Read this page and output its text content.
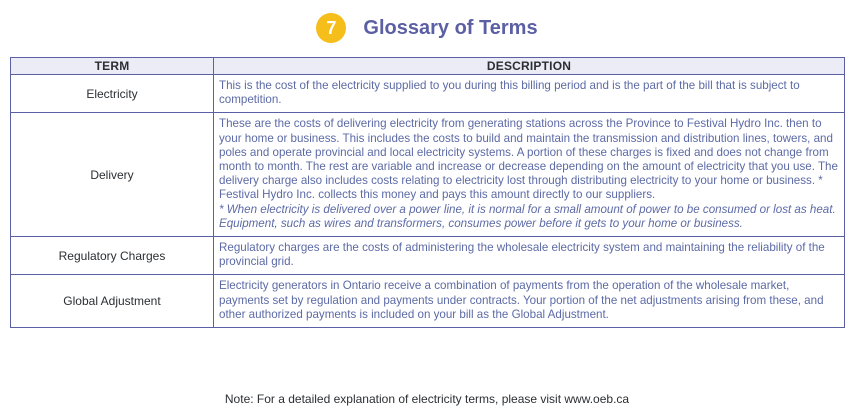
7	Glossary of Terms
TERM	DESCRIPTION
Electricity	This is the cost of the electricity supplied to you during this billing period and is the part of the bill that is subject to competition.
Delivery	These are the costs of delivering electricity from generating stations across the Province to Festival Hydro Inc. then to your home or business. This includes the costs to build and maintain the transmission and distribution lines, towers, and poles and operate provincial and local electricity systems. A portion of these charges is fixed and does not change from month to month. The rest are variable and increase or decrease depending on the amount of electricity that you use. The delivery charge also includes costs relating to electricity lost through distributing electricity to your home or business. * Festival Hydro Inc. collects this money and pays this amount directly to our suppliers.
* When electricity is delivered over a power line, it is normal for a small amount of power to be consumed or lost as heat. Equipment, such as wires and transformers, consumes power before it gets to your home or business.

Regulatory Charges	Regulatory charges are the costs of administering the wholesale electricity system and maintaining the reliability of the provincial grid.
Global Adjustment	Electricity generators in Ontario receive a combination of payments from the operation of the wholesale market, payments set by regulation and payments under contracts. Your portion of the net adjustments arising from these, and other authorized payments is included on your bill as the Global Adjustment.
Note: For a detailed explanation of electricity terms, please visit www.oeb.ca
